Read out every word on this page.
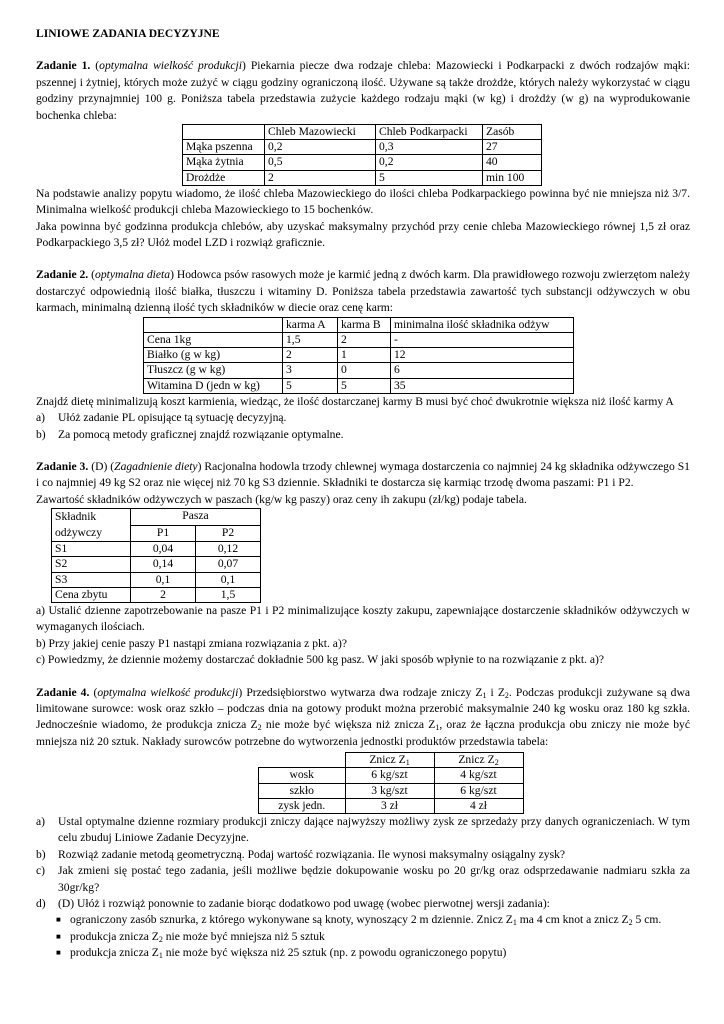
LINIOWE ZADANIA DECYZYJNE

Zadanie 1. (optymalna wielkość produkcji) Piekarnia piecze dwa rodzaje chleba: Mazowiecki i Podkarpacki z dwóch rodzajów mąki: pszennej i żytniej, których może zużyć w ciągu godziny ograniczoną ilość. Używane są także drożdże, których należy wykorzystać w ciągu godziny przynajmniej 100 g. Poniższa tabela przedstawia zużycie każdego rodzaju mąki (w kg) i drożdży (w g) na wyprodukowanie bochenka chleba:

	Chleb Mazowiecki	Chleb Podkarpacki	Zasób
Mąka pszenna	0,2	0,3	27
Mąka żytnia	0,5	0,2	40
Drożdże	2	5	min 100

Na podstawie analizy popytu wiadomo, że ilość chleba Mazowieckiego do ilości chleba Podkarpackiego powinna być nie mniejsza niż 3/7. Minimalna wielkość produkcji chleba Mazowieckiego to 15 bochenków.

Jaka powinna być godzinna produkcja chlebów, aby uzyskać maksymalny przychód przy cenie chleba Mazowieckiego równej 1,5 zł oraz Podkarpackiego 3,5 zł? Ułóż model LZD i rozwiąż graficznie.

Zadanie 2. (optymalna dieta) Hodowca psów rasowych może je karmić jedną z dwóch karm. Dla prawidłowego rozwoju zwierzętom należy dostarczyć odpowiednią ilość białka, tłuszczu i witaminy D. Poniższa tabela przedstawia zawartość tych substancji odżywczych w obu karmach, minimalną dzienną ilość tych składników w diecie oraz cenę karm:

	karma A	karma B	minimalna ilość składnika odżyw
Cena 1kg	1,5	2	-
Białko (g w kg)	2	1	12
Tłuszcz (g w kg)	3	0	6
Witamina D (jedn w kg)	5	5	35

Znajdź dietę minimalizują koszt karmienia, wiedząc, że ilość dostarczanej karmy B musi być choć dwukrotnie większa niż ilość karmy A

a)	Ułóż zadanie PL opisujące tą sytuację decyzyjną.
b)	Za pomocą metody graficznej znajdź rozwiązanie optymalne.

Zadanie 3. (D) (Zagadnienie diety) Racjonalna hodowla trzody chlewnej wymaga dostarczenia co najmniej 24 kg składnika odżywczego S1 i co najmniej 49 kg S2 oraz nie więcej niż 70 kg S3 dziennie. Składniki te dostarcza się karmiąc trzodę dwoma paszami: P1 i P2.

Zawartość składników odżywczych w paszach (kg/w kg paszy) oraz ceny ih zakupu (zł/kg) podaje tabela.

Składnik
odżywczy	Pasza	
	P1	P2
S1	0,04	0,12
S2	0,14	0,07
S3	0,1	0,1
Cena zbytu	2	1,5

a) Ustalić dzienne zapotrzebowanie na pasze P1 i P2 minimalizujące koszty zakupu, zapewniające dostarczenie składników odżywczych w wymaganych ilościach.

b) Przy jakiej cenie paszy P1 nastąpi zmiana rozwiązania z pkt. a)?

c) Powiedzmy, że dziennie możemy dostarczać dokładnie 500 kg pasz. W jaki sposób wpłynie to na rozwiązanie z pkt. a)?

Zadanie 4. (optymalna wielkość produkcji) Przedsiębiorstwo wytwarza dwa rodzaje zniczy $Z_1$ i $Z_2$. Podczas produkcji zużywane są dwa limitowane surowce: wosk oraz szkło – podczas dnia na gotowy produkt można przerobić maksymalnie 240 kg wosku oraz 180 kg szkła. Jednocześnie wiadomo, że produkcja znicza $Z_2$ nie może być większa niż znicza $Z_1$, oraz że łączna produkcja obu zniczy nie może być mniejsza niż 20 sztuk. Nakłady surowców potrzebne do wytworzenia jednostki produktów przedstawia tabela:

	Znicz $Z_1$	Znicz $Z_2$
wosk	6 kg/szt	4 kg/szt
szkło	3 kg/szt	6 kg/szt
zysk jedn.	3 zł	4 zł
a)	Ustal optymalne dzienne rozmiary produkcji zniczy dające najwyższy możliwy zysk ze sprzedaży przy danych ograniczeniach. W tym celu zbuduj Liniowe Zadanie Decyzyjne.
b)	Rozwiąż zadanie metodą geometryczną. Podaj wartość rozwiązania. Ile wynosi maksymalny osiągalny zysk?
c)	Jak zmieni się postać tego zadania, jeśli możliwe będzie dokupowanie wosku po 20 gr/kg oraz odsprzedawanie nadmiaru szkła za 30gr/kg?
d)	(D) Ułóż i rozwiąż ponownie to zadanie biorąc dodatkowo pod uwagę (wobec pierwotnej wersji zadania):
■ ograniczony zasób sznurka, z którego wykonywane są knoty, wynoszący 2 m dziennie. Znicz $Z_1$ ma 4 cm knot a znicz $Z_2$ 5 cm.
■ produkcja znicza $Z_2$ nie może być mniejsza niż 5 sztuk
■ produkcja znicza $Z_1$ nie może być większa niż 25 sztuk (np. z powodu ograniczonego popytu)
